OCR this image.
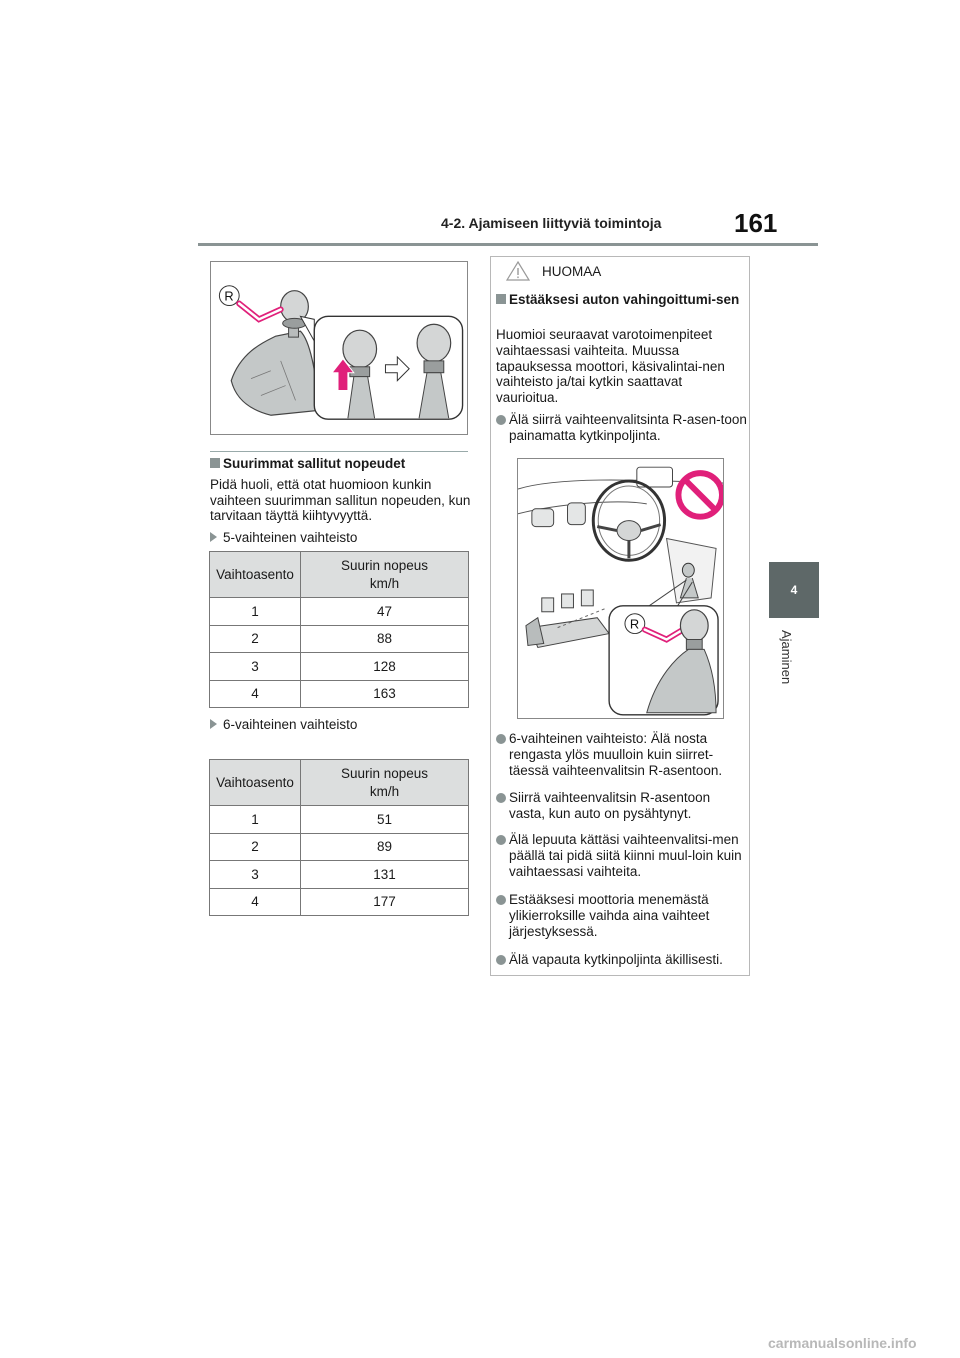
4-2. Ajamiseen liittyviä toimintoja	161
4
Ajaminen
R
Suurimmat sallitut nopeudet
Pidä huoli, että otat huomioon kunkin vaihteen suurimman sallitun nopeuden, kun tarvitaan täyttä kiihtyvyyttä.
5-vaihteinen vaihteisto
Vaihtoasento	Suurin nopeus
km/h
1	47
2	88
3	128
4	163
6-vaihteinen vaihteisto
Vaihtoasento	Suurin nopeus
km/h
1	51
2	89
3	131
4	177
HUOMAA
Estääksesi auton vahingoittumi-sen
Huomioi seuraavat varotoimenpiteet vaihtaessasi vaihteita. Muussa tapauksessa moottori, käsivalintai-nen vaihteisto ja/tai kytkin saattavat vaurioitua.
Älä siirrä vaihteenvalitsinta R-asen-toon painamatta kytkinpoljinta.
R
6-vaihteinen vaihteisto: Älä nosta rengasta ylös muulloin kuin siirret-täessä vaihteenvalitsin R-asentoon.
Siirrä vaihteenvalitsin R-asentoon vasta, kun auto on pysähtynyt.
Älä lepuuta kättäsi vaihteenvalitsi-men päällä tai pidä siitä kiinni muul-loin kuin vaihtaessasi vaihteita.
Estääksesi moottoria menemästä ylikierroksille vaihda aina vaihteet järjestyksessä.
Älä vapauta kytkinpoljinta äkillisesti.
carmanualsonline.info
